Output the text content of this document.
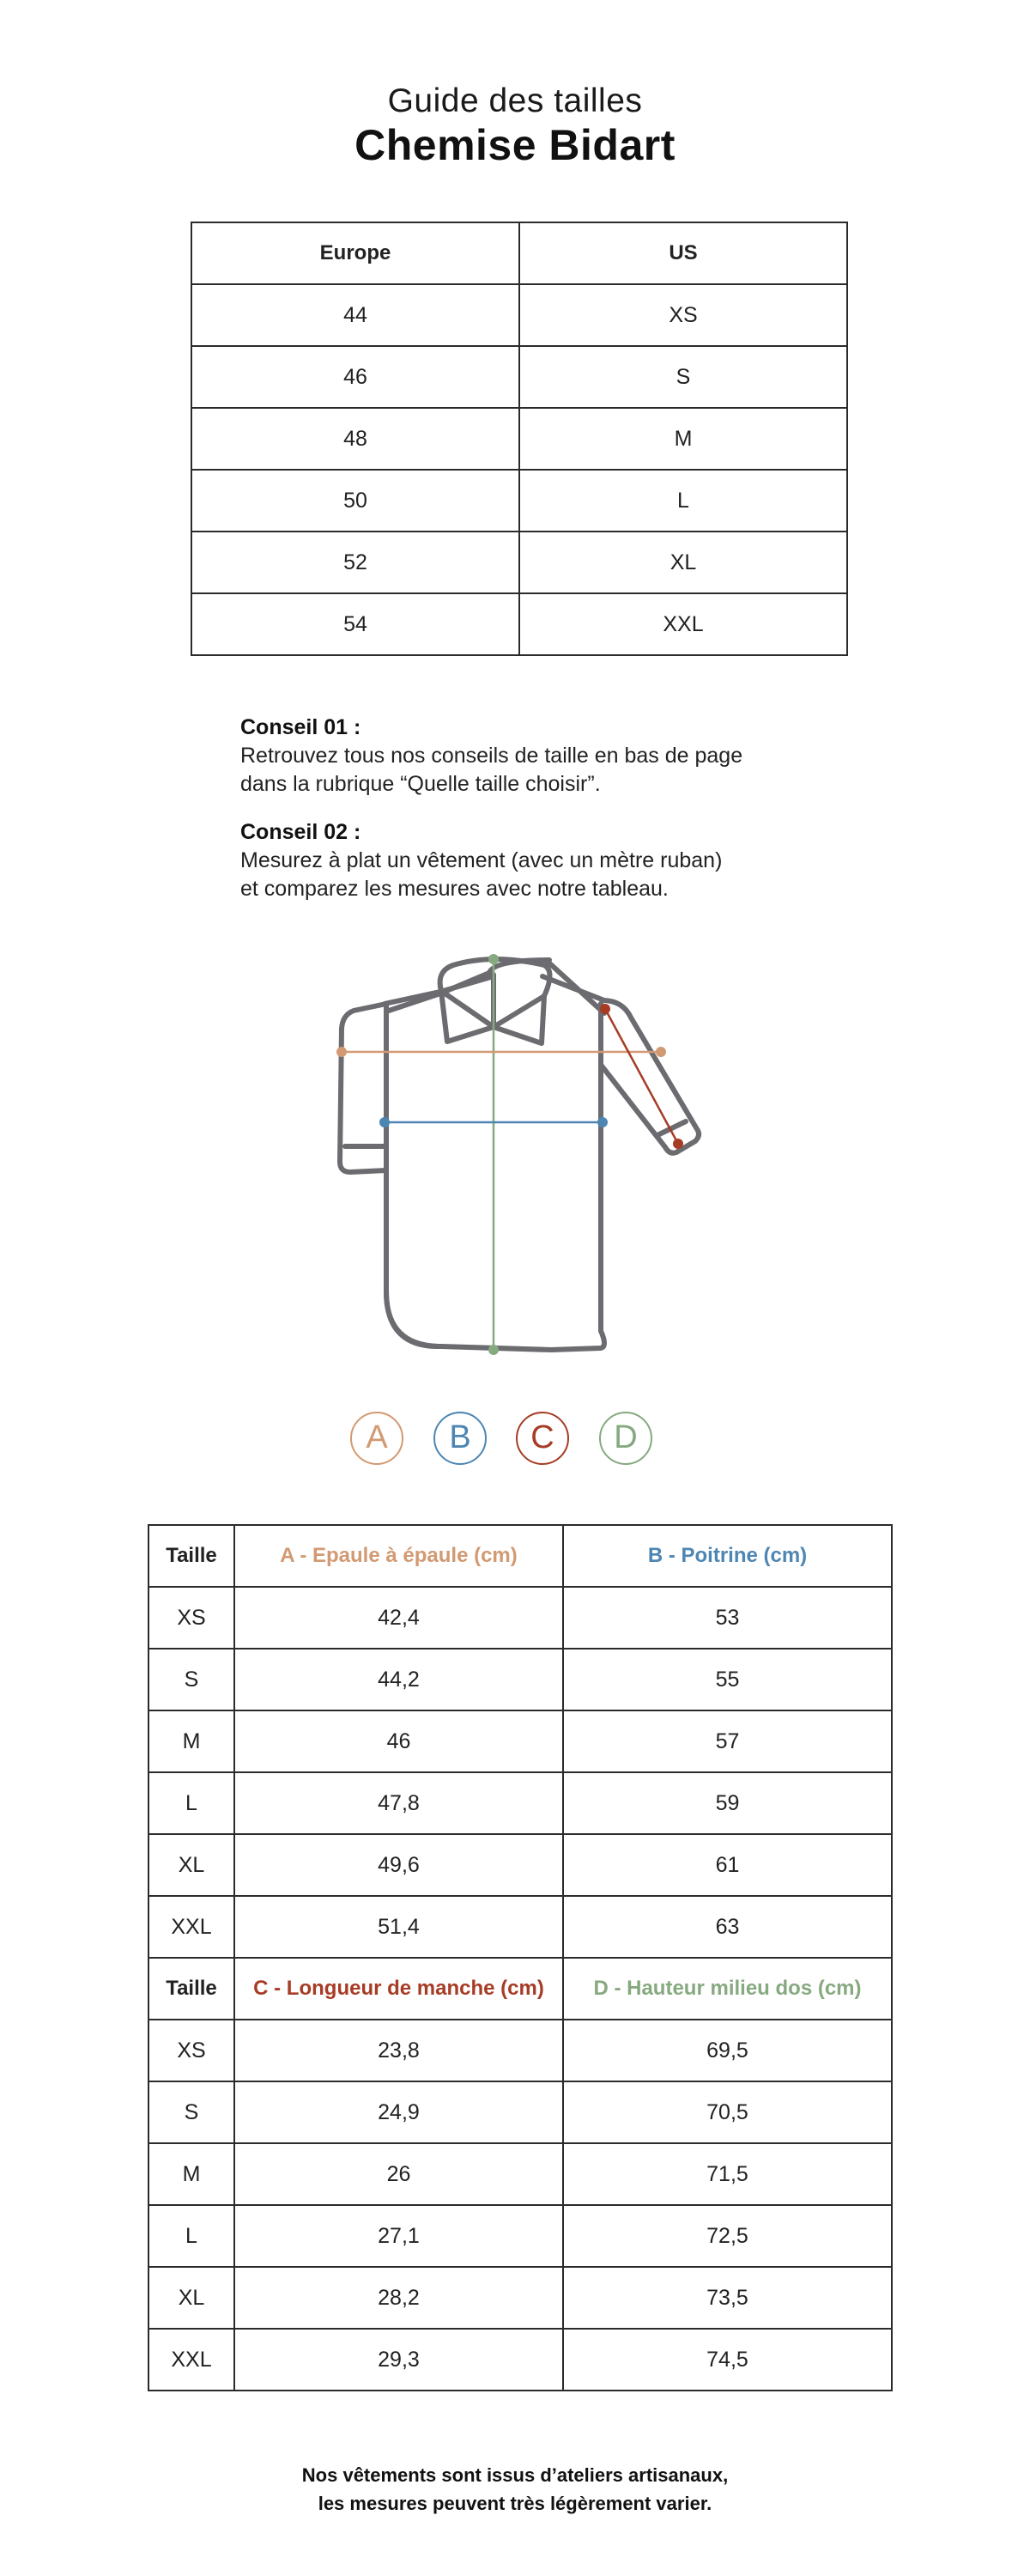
Guide des tailles
Chemise Bidart
Europe	US
44	XS
46	S
48	M
50	L
52	XL
54	XXL
Conseil 01 :
Retrouvez tous nos conseils de taille en bas de page
dans la rubrique “Quelle taille choisir”.
Conseil 02 :
Mesurez à plat un vêtement (avec un mètre ruban)
et comparez les mesures avec notre tableau.
A	B	C	D
Taille	A - Epaule à épaule (cm)	B - Poitrine (cm)
XS	42,4	53
S	44,2	55
M	46	57
L	47,8	59
XL	49,6	61
XXL	51,4	63
Taille	C - Longueur de manche (cm)	D - Hauteur milieu dos (cm)
XS	23,8	69,5
S	24,9	70,5
M	26	71,5
L	27,1	72,5
XL	28,2	73,5
XXL	29,3	74,5
Nos vêtements sont issus d’ateliers artisanaux,
les mesures peuvent très légèrement varier.
